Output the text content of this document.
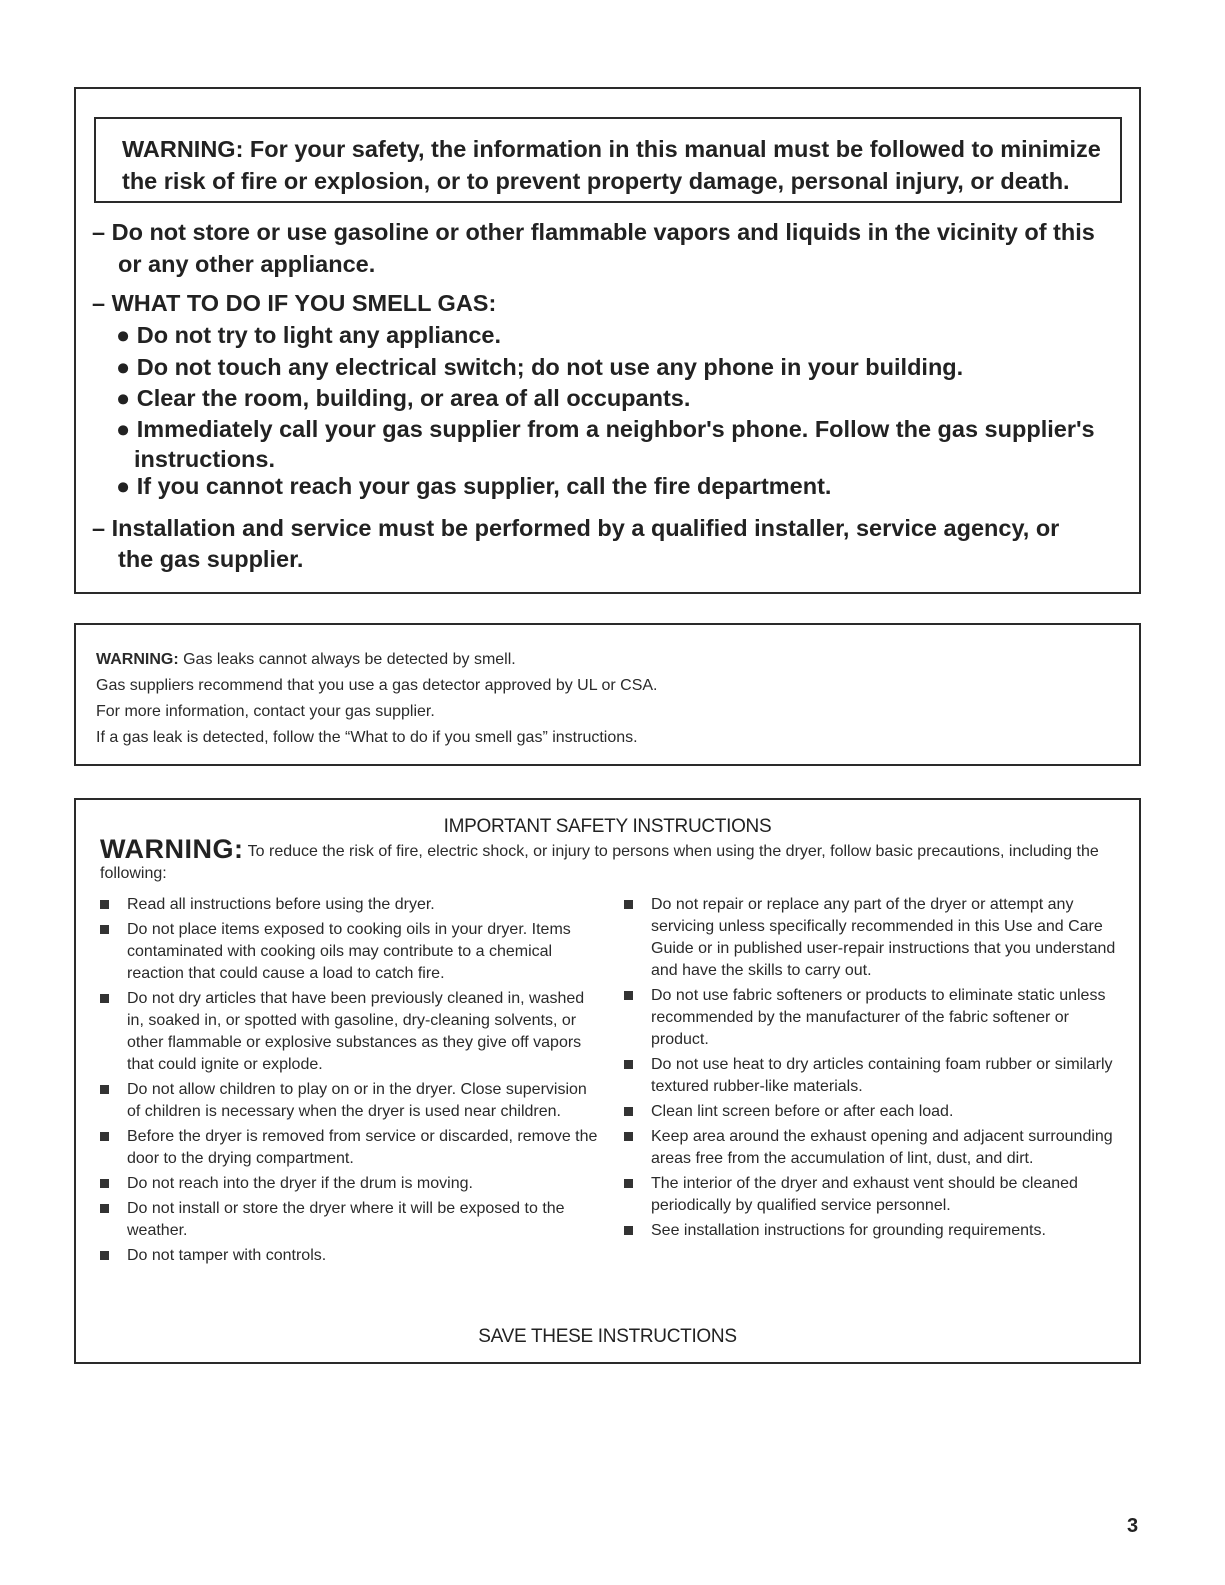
WARNING: For your safety, the information in this manual must be followed to minimize
the risk of fire or explosion, or to prevent property damage, personal injury, or death.
– Do not store or use gasoline or other flammable vapors and liquids in the vicinity of this
or any other appliance.
– WHAT TO DO IF YOU SMELL GAS:
● Do not try to light any appliance.
● Do not touch any electrical switch; do not use any phone in your building.
● Clear the room, building, or area of all occupants.
● Immediately call your gas supplier from a neighbor's phone. Follow the gas supplier's
instructions.
● If you cannot reach your gas supplier, call the fire department.
– Installation and service must be performed by a qualified installer, service agency, or
the gas supplier.
WARNING: Gas leaks cannot always be detected by smell.
Gas suppliers recommend that you use a gas detector approved by UL or CSA.
For more information, contact your gas supplier.
If a gas leak is detected, follow the “What to do if you smell gas” instructions.
IMPORTANT SAFETY INSTRUCTIONS
WARNING: To reduce the risk of fire, electric shock, or injury to persons when using the dryer, follow basic precautions, including the following:
Read all instructions before using the dryer.
Do not place items exposed to cooking oils in your dryer. Items contaminated with cooking oils may contribute to a chemical reaction that could cause a load to catch fire.
Do not dry articles that have been previously cleaned in, washed in, soaked in, or spotted with gasoline, dry-cleaning solvents, or other flammable or explosive substances as they give off vapors that could ignite or explode.
Do not allow children to play on or in the dryer. Close supervision of children is necessary when the dryer is used near children.
Before the dryer is removed from service or discarded, remove the door to the drying compartment.
Do not reach into the dryer if the drum is moving.
Do not install or store the dryer where it will be exposed to the weather.
Do not tamper with controls.
Do not repair or replace any part of the dryer or attempt any servicing unless specifically recommended in this Use and Care Guide or in published user-repair instructions that you understand and have the skills to carry out.
Do not use fabric softeners or products to eliminate static unless recommended by the manufacturer of the fabric softener or product.
Do not use heat to dry articles containing foam rubber or similarly textured rubber-like materials.
Clean lint screen before or after each load.
Keep area around the exhaust opening and adjacent surrounding areas free from the accumulation of lint, dust, and dirt.
The interior of the dryer and exhaust vent should be cleaned periodically by qualified service personnel.
See installation instructions for grounding requirements.
SAVE THESE INSTRUCTIONS
3
